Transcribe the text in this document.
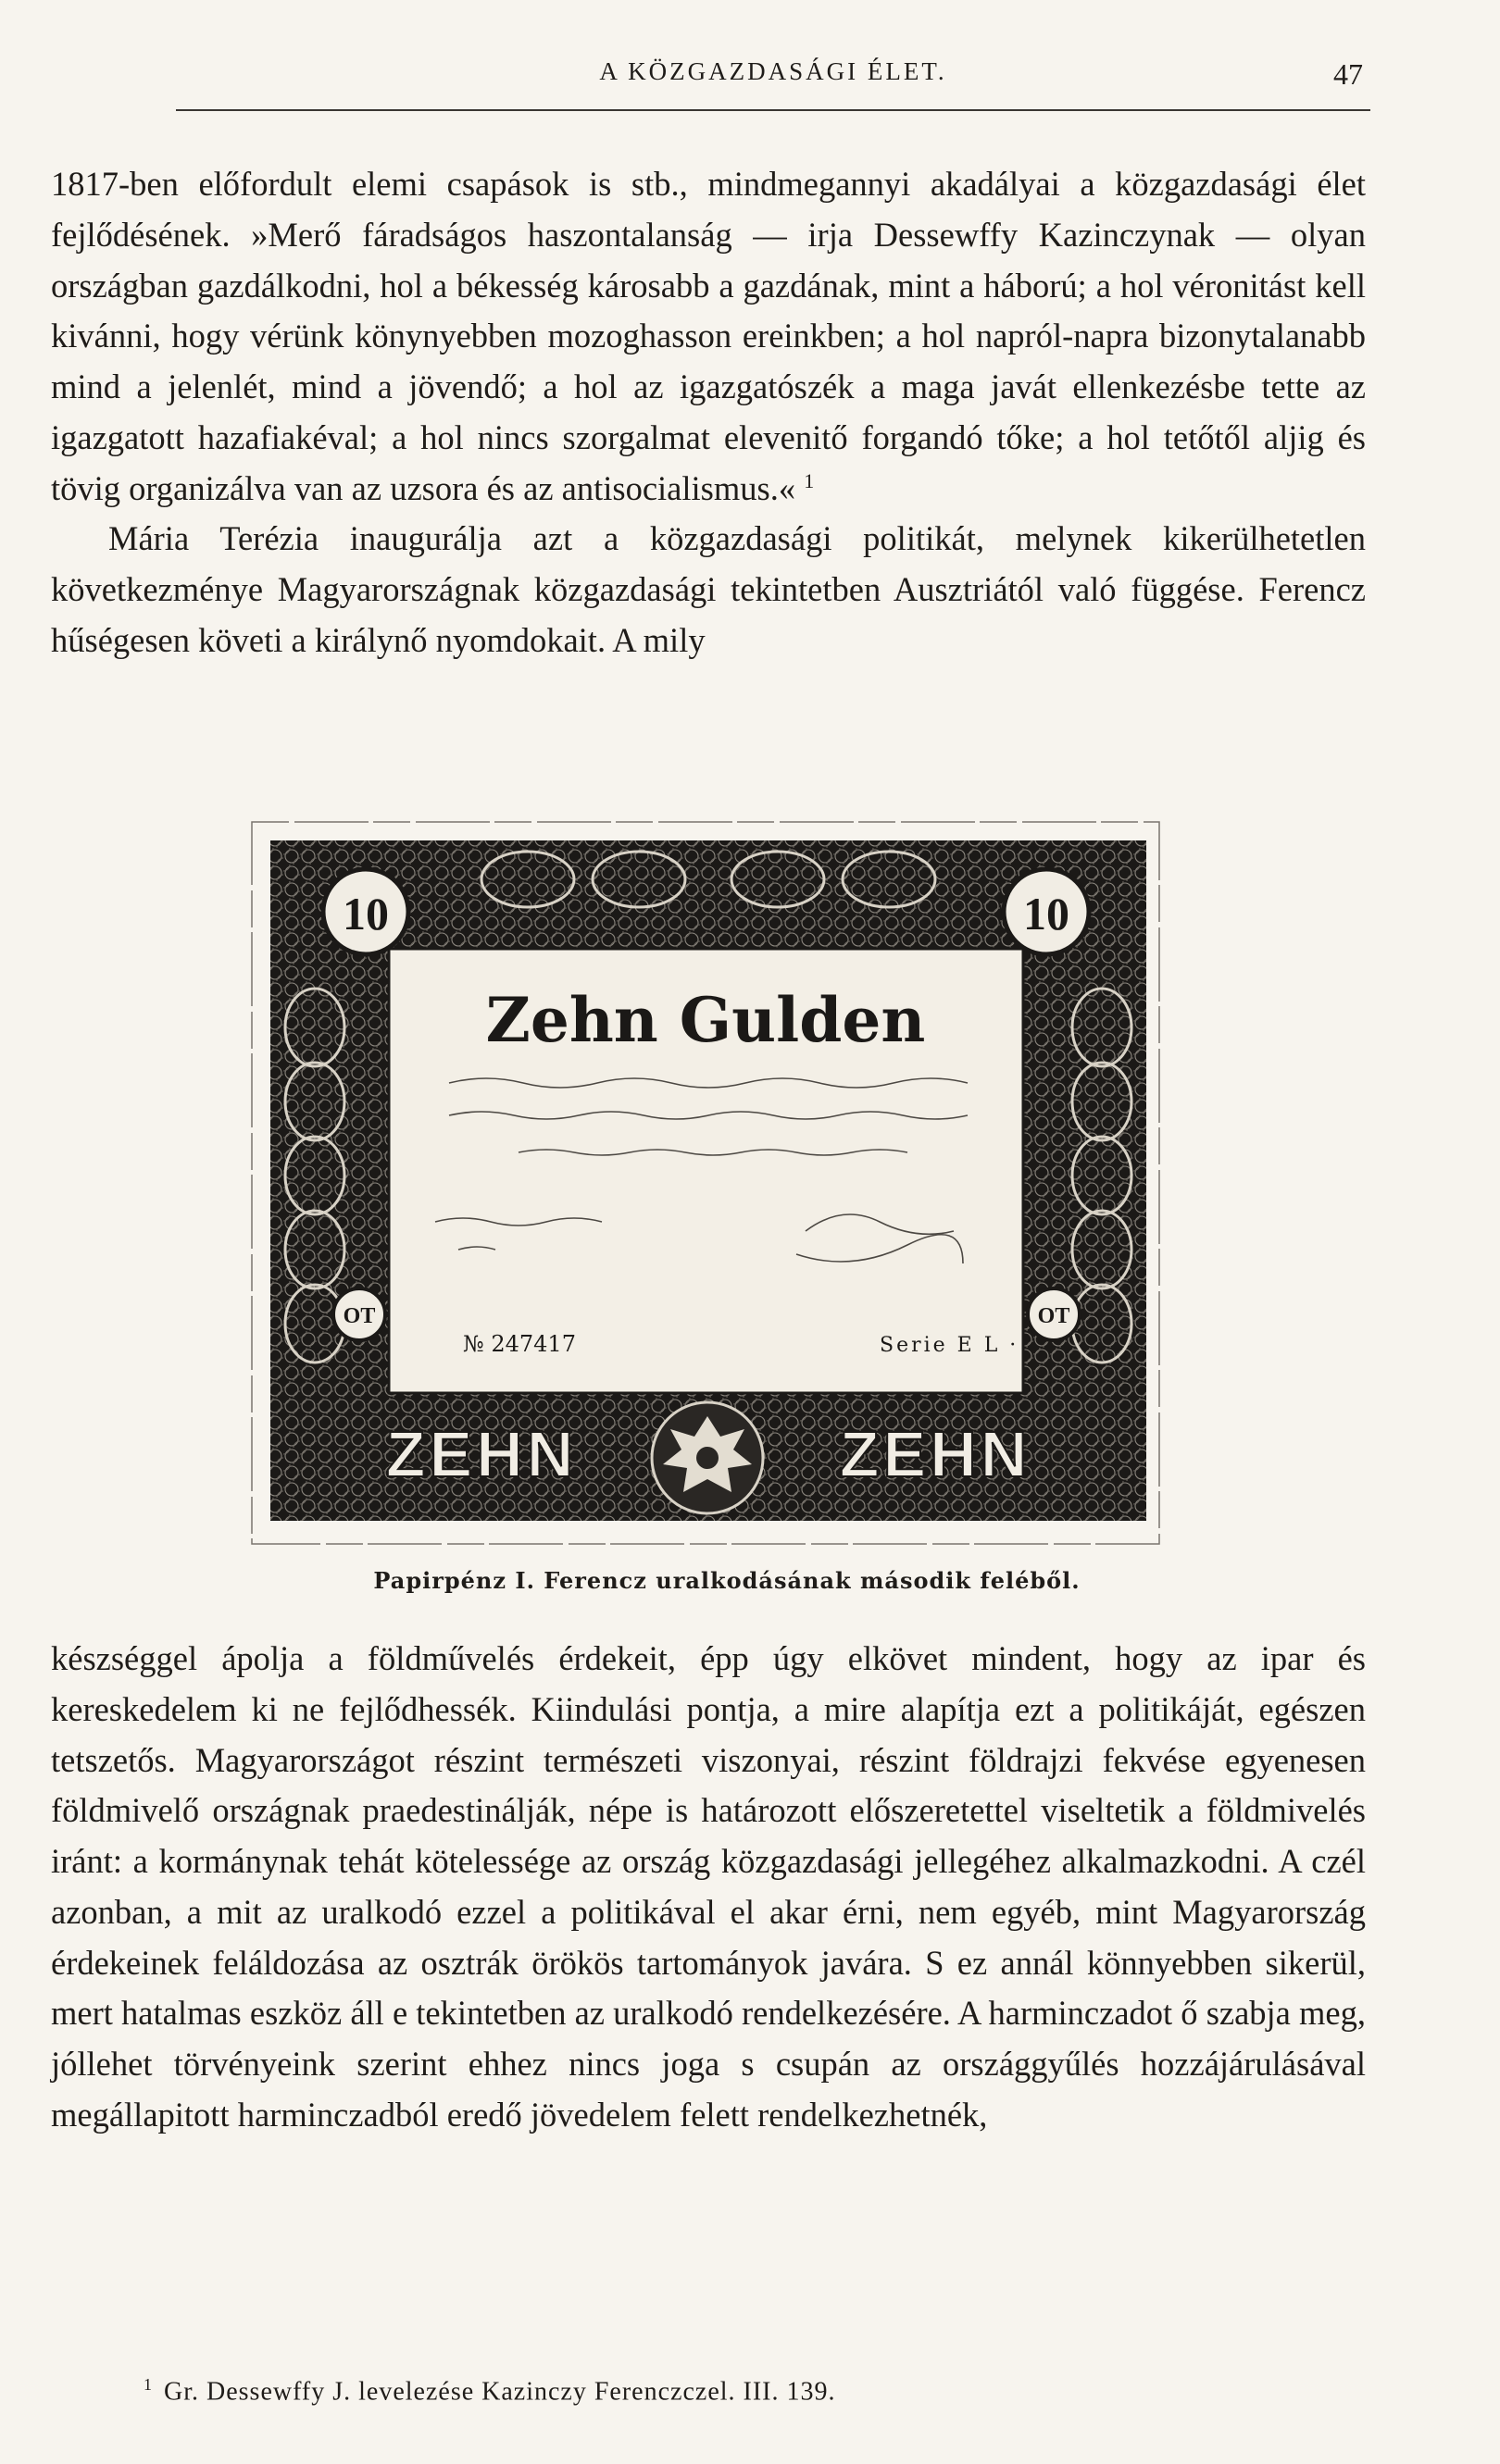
A KÖZGAZDASÁGI ÉLET.	47

1817-ben előfordult elemi csapások is stb., mindmegannyi akadályai a közgazdasági élet fejlődésének. »Merő fáradságos haszontalanság — irja Dessewffy Kazinczynak — olyan országban gazdálkodni, hol a békesség károsabb a gazdának, mint a háború; a hol véronitást kell kivánni, hogy vérünk könynyebben mozoghasson ereinkben; a hol napról-napra bizonytalanabb mind a jelenlét, mind a jövendő; a hol az igazgatószék a maga javát ellenkezésbe tette az igazgatott hazafiakéval; a hol nincs szorgalmat elevenitő forgandó tőke; a hol tetőtől aljig és tövig organizálva van az uzsora és az antisocialismus.« $^1$

Mária Terézia inaugurálja azt a közgazdasági politikát, melynek kikerülhetetlen következménye Magyarországnak közgazdasági tekintetben Ausztriától való függése. Ferencz hűségesen követi a királynő nyomdokait. A mily

10	10
Zehn Gulden
№ 247417	Serie E L ·
OT	OT
ZEHN	ZEHN
Papirpénz I. Ferencz uralkodásának második feléből.

készséggel ápolja a földművelés érdekeit, épp úgy elkövet mindent, hogy az ipar és kereskedelem ki ne fejlődhessék. Kiindulási pontja, a mire alapítja ezt a politikáját, egészen tetszetős. Magyarországot részint természeti viszonyai, részint földrajzi fekvése egyenesen földmivelő országnak praedestinálják, népe is határozott előszeretettel viseltetik a földmivelés iránt: a kormánynak tehát kötelessége az ország közgazdasági jellegéhez alkalmazkodni. A czél azonban, a mit az uralkodó ezzel a politikával el akar érni, nem egyéb, mint Magyarország érdekeinek feláldozása az osztrák örökös tartományok javára. S ez annál könnyebben sikerül, mert hatalmas eszköz áll e tekintetben az uralkodó rendelkezésére. A harminczadot ő szabja meg, jóllehet törvényeink szerint ehhez nincs joga s csupán az országgyűlés hozzájárulásával megállapitott harminczadból eredő jövedelem felett rendelkezhetnék,

$^1$ Gr. Dessewffy J. levelezése Kazinczy Ferenczczel. III. 139.
